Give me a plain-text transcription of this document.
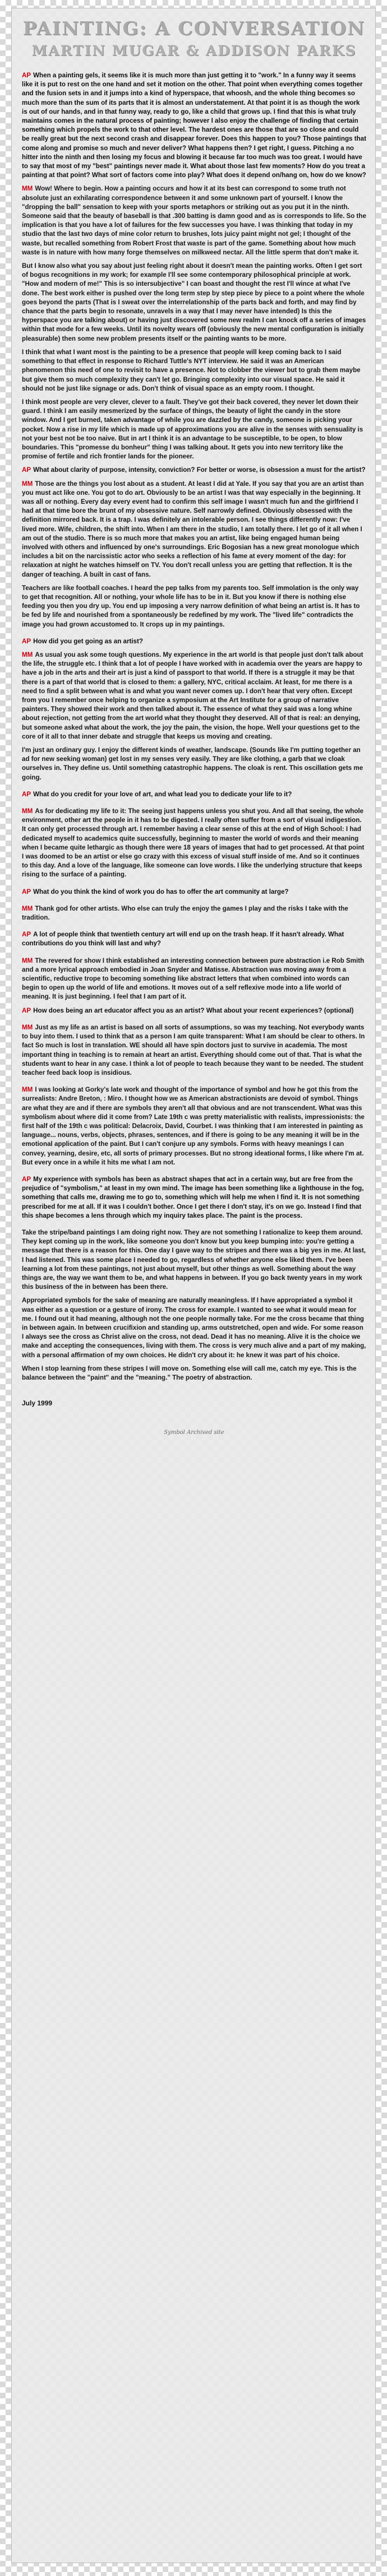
PAINTING: A CONVERSATION
MARTIN MUGAR & ADDISON PARKS

AP When a painting gels, it seems like it is much more than just getting it to "work." In a funny way it seems like it is put to rest on the one hand and set it motion on the other. That point when everything comes together and the fusion sets in and it jumps into a kind of hyperspace, that whoosh, and the whole thing becomes so much more than the sum of its parts that it is almost an understatement. At that point it is as though the work is out of our hands, and in that funny way, ready to go, like a child that grows up. I find that this is what truly maintains comes in the natural process of painting; however I also enjoy the challenge of finding that certain something which propels the work to that other level. The hardest ones are those that are so close and could be really great but the next second crash and disappear forever. Does this happen to you? Those paintings that come along and promise so much and never deliver? What happens then? I get right, I guess. Pitching a no hitter into the ninth and then losing my focus and blowing it because far too much was too great. I would have to say that most of my "best" paintings never made it. What about those last few moments? How do you treat a painting at that point? What sort of factors come into play? What does it depend on/hang on, how do we know?

MM Wow! Where to begin. How a painting occurs and how it at its best can correspond to some truth not absolute just an exhilarating correspondence between it and some unknown part of yourself. I know the "dropping the ball" sensation to keep with your sports metaphors or striking out as you put it in the ninth. Someone said that the beauty of baseball is that .300 batting is damn good and as is corresponds to life. So the implication is that you have a lot of failures for the few successes you have. I was thinking that today in my studio that the last two days of mine color return to brushes, lots juicy paint might not gel; I thought of the waste, but recalled something from Robert Frost that waste is part of the game. Something about how much waste is in nature with how many forge themselves on milkweed nectar. All the little sperm that don't make it.

But I know also what you say about just feeling right about it doesn't mean the painting works. Often I get sort of bogus recognitions in my work; for example I'll see some contemporary philosophical principle at work. "How and modern of me!" This is so intersubjective" I can boast and thought the rest I'll wince at what I've done. The best work either is pushed over the long term step by step piece by piece to a point where the whole goes beyond the parts (That is I sweat over the interrelationship of the parts back and forth, and may find by chance that the parts begin to resonate, unravels in a way that I may never have intended) Is this the hyperspace you are talking about) or having just discovered some new realm I can knock off a series of images within that mode for a few weeks. Until its novelty wears off (obviously the new mental configuration is initially pleasurable) then some new problem presents itself or the painting wants to be more.

I think that what I want most is the painting to be a presence that people will keep coming back to I said something to that effect in response to Richard Tuttle's NYT interview. He said it was an American phenomenon this need of one to revisit to have a presence. Not to clobber the viewer but to grab them maybe but give them so much complexity they can't let go. Bringing complexity into our visual space. He said it should not be just like signage or ads. Don't think of visual space as an empty room. I thought.

I think most people are very clever, clever to a fault. They've got their back covered, they never let down their guard. I think I am easily mesmerized by the surface of things, the beauty of light the candy in the store window. And I get burned, taken advantage of while you are dazzled by the candy, someone is picking your pocket. Now a rise in my life which is made up of approximations you are alive in the senses with sensuality is not your best not be too naive. But in art I think it is an advantage to be susceptible, to be open, to blow boundaries. This "promesse du bonheur" thing I was talking about. It gets you into new territory like the promise of fertile and rich frontier lands for the pioneer.

AP What about clarity of purpose, intensity, conviction? For better or worse, is obsession a must for the artist?

MM Those are the things you lost about as a student. At least I did at Yale. If you say that you are an artist than you must act like one. You got to do art. Obviously to be an artist I was that way especially in the beginning. It was all or nothing. Every day every event had to confirm this self image I wasn't much fun and the girlfriend I had at that time bore the brunt of my obsessive nature. Self narrowly defined. Obviously obsessed with the definition mirrored back. It is a trap. I was definitely an intolerable person. I see things differently now: I've lived more. Wife, children, the shift into. When I am there in the studio, I am totally there. I let go of it all when I am out of the studio. There is so much more that makes you an artist, like being engaged human being involved with others and influenced by one's surroundings. Eric Bogosian has a new great monologue which includes a bit on the narcissistic actor who seeks a reflection of his fame at every moment of the day: for relaxation at night he watches himself on TV. You don't recall unless you are getting that reflection. It is the danger of teaching. A built in cast of fans.

Teachers are like football coaches. I heard the pep talks from my parents too. Self immolation is the only way to get that recognition. All or nothing, your whole life has to be in it. But you know if there is nothing else feeding you then you dry up. You end up imposing a very narrow definition of what being an artist is. It has to be fed by life and nourished from a spontaneously be redefined by my work. The "lived life" contradicts the image you had grown accustomed to. It crops up in my paintings.

AP How did you get going as an artist?

MM As usual you ask some tough questions. My experience in the art world is that people just don't talk about the life, the struggle etc. I think that a lot of people I have worked with in academia over the years are happy to have a job in the arts and their art is just a kind of passport to that world. If there is a struggle it may be that there is a part of that world that is closed to them: a gallery, NYC, critical acclaim. At least, for me there is a need to find a split between what is and what you want never comes up. I don't hear that very often. Except from you I remember once helping to organize a symposium at the Art Institute for a group of narrative painters. They showed their work and then talked about it. The essence of what they said was a long whine about rejection, not getting from the art world what they thought they deserved. All of that is real: an denying, but someone asked what about the work, the joy the pain, the vision, the hope. Well your questions get to the core of it all to that inner debate and struggle that keeps us moving and creating.

I'm just an ordinary guy. I enjoy the different kinds of weather, landscape. (Sounds like I'm putting together an ad for new seeking woman) get lost in my senses very easily. They are like clothing, a garb that we cloak ourselves in. They define us. Until something catastrophic happens. The cloak is rent. This oscillation gets me going.

AP What do you credit for your love of art, and what lead you to dedicate your life to it?

MM As for dedicating my life to it: The seeing just happens unless you shut you. And all that seeing, the whole environment, other art the people in it has to be digested. I really often suffer from a sort of visual indigestion. It can only get processed through art. I remember having a clear sense of this at the end of High School: I had dedicated myself to academics quite successfully, beginning to master the world of words and their meaning when I became quite lethargic as though there were 18 years of images that had to get processed. At that point I was doomed to be an artist or else go crazy with this excess of visual stuff inside of me. And so it continues to this day. And a love of the language, like someone can love words. I like the underlying structure that keeps rising to the surface of a painting.

AP What do you think the kind of work you do has to offer the art community at large?

MM Thank god for other artists. Who else can truly the enjoy the games I play and the risks I take with the tradition.

AP A lot of people think that twentieth century art will end up on the trash heap. If it hasn't already. What contributions do you think will last and why?

MM The revered for show I think established an interesting connection between pure abstraction i.e Rob Smith and a more lyrical approach embodied in Joan Snyder and Matisse. Abstraction was moving away from a scientific, reductive trope to becoming something like abstract letters that when combined into words can begin to open up the world of life and emotions. It moves out of a self reflexive mode into a life world of meaning. It is just beginning. I feel that I am part of it.

AP How does being an art educator affect you as an artist? What about your recent experiences? (optional)

MM Just as my life as an artist is based on all sorts of assumptions, so was my teaching. Not everybody wants to buy into them. I used to think that as a person I am quite transparent: What I am should be clear to others. In fact So much is lost in translation. WE should all have spin doctors just to survive in academia. The most important thing in teaching is to remain at heart an artist. Everything should come out of that. That is what the students want to hear in any case. I think a lot of people to teach because they want to be needed. The student teacher feed back loop is insidious.

MM I was looking at Gorky's late work and thought of the importance of symbol and how he got this from the surrealists: Andre Breton, : Miro. I thought how we as American abstractionists are devoid of symbol. Things are what they are and if there are symbols they aren't all that obvious and are not transcendent. What was this symbolism about where did it come from? Late 19th c was pretty materialistic with realists, impressionists: the first half of the 19th c was political: Delacroix, David, Courbet. I was thinking that I am interested in painting as language... nouns, verbs, objects, phrases, sentences, and if there is going to be any meaning it will be in the emotional application of the paint. But I can't conjure up any symbols. Forms with heavy meanings I can convey, yearning, desire, etc, all sorts of primary processes. But no strong ideational forms, I like where I'm at. But every once in a while it hits me what I am not.

AP My experience with symbols has been as abstract shapes that act in a certain way, but are free from the prejudice of "symbolism," at least in my own mind. The image has been something like a lighthouse in the fog, something that calls me, drawing me to go to, something which will help me when I find it. It is not something prescribed for me at all. If it was I couldn't bother. Once I get there I don't stay, it's on we go. Instead I find that this shape becomes a lens through which my inquiry takes place. The paint is the process.

Take the stripe/band paintings I am doing right now. They are not something I rationalize to keep them around. They kept coming up in the work, like someone you don't know but you keep bumping into: you're getting a message that there is a reason for this. One day I gave way to the stripes and there was a big yes in me. At last, I had listened. This was some place I needed to go, regardless of whether anyone else liked them. I've been learning a lot from these paintings, not just about myself, but other things as well. Something about the way things are, the way we want them to be, and what happens in between. If you go back twenty years in my work this business of the in between has been there.

Appropriated symbols for the sake of meaning are naturally meaningless. If I have appropriated a symbol it was either as a question or a gesture of irony. The cross for example. I wanted to see what it would mean for me. I found out it had meaning, although not the one people normally take. For me the cross became that thing in between again. In between crucifixion and standing up, arms outstretched, open and wide. For some reason I always see the cross as Christ alive on the cross, not dead. Dead it has no meaning. Alive it is the choice we make and accepting the consequences, living with them. The cross is very much alive and a part of my making, with a personal affirmation of my own choices. He didn't cry about it: he knew it was part of his choice.

When I stop learning from these stripes I will move on. Something else will call me, catch my eye. This is the balance between the "paint" and the "meaning." The poetry of abstraction.

July 1999
Symbol Archived site
